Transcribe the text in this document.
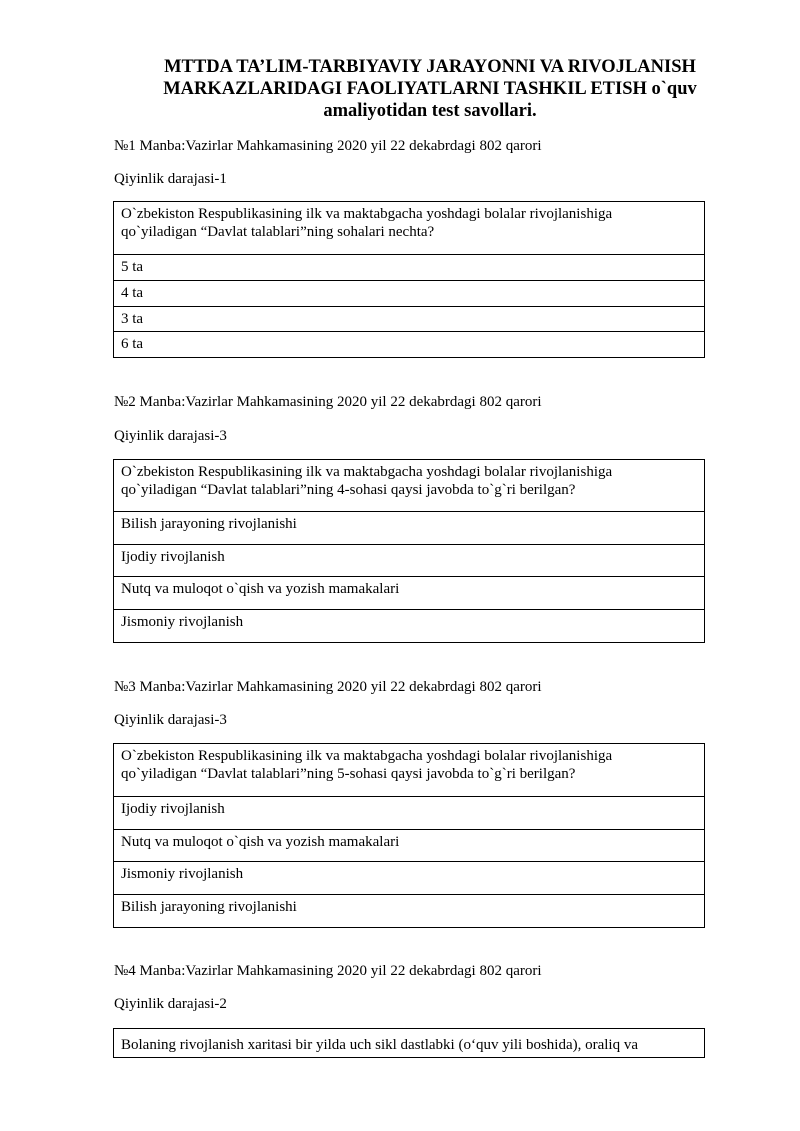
MTTDA TA’LIM-TARBIYAVIY JARAYONNI VA RIVOJLANISH
MARKAZLARIDAGI FAOLIYATLARNI TASHKIL ETISH o`quv
amaliyotidan test savollari.
№1 Manba:Vazirlar Mahkamasining 2020 yil 22 dekabrdagi 802 qarori
Qiyinlik darajasi-1
O`zbekiston Respublikasining ilk va maktabgacha yoshdagi bolalar rivojlanishiga
qo`yiladigan “Davlat talablari”ning sohalari nechta?

5 ta
4 ta
3 ta
6 ta
№2 Manba:Vazirlar Mahkamasining 2020 yil 22 dekabrdagi 802 qarori
Qiyinlik darajasi-3
O`zbekiston Respublikasining ilk va maktabgacha yoshdagi bolalar rivojlanishiga
qo`yiladigan “Davlat talablari”ning 4-sohasi qaysi javobda to`g`ri berilgan?

Bilish jarayoning rivojlanishi
Ijodiy rivojlanish
Nutq va muloqot o`qish va yozish mamakalari
Jismoniy rivojlanish
№3 Manba:Vazirlar Mahkamasining 2020 yil 22 dekabrdagi 802 qarori
Qiyinlik darajasi-3
O`zbekiston Respublikasining ilk va maktabgacha yoshdagi bolalar rivojlanishiga
qo`yiladigan “Davlat talablari”ning 5-sohasi qaysi javobda to`g`ri berilgan?

Ijodiy rivojlanish
Nutq va muloqot o`qish va yozish mamakalari
Jismoniy rivojlanish
Bilish jarayoning rivojlanishi
№4 Manba:Vazirlar Mahkamasining 2020 yil 22 dekabrdagi 802 qarori
Qiyinlik darajasi-2
Bolaning rivojlanish xaritasi bir yilda uch sikl dastlabki (o‘quv yili boshida), oraliq va
